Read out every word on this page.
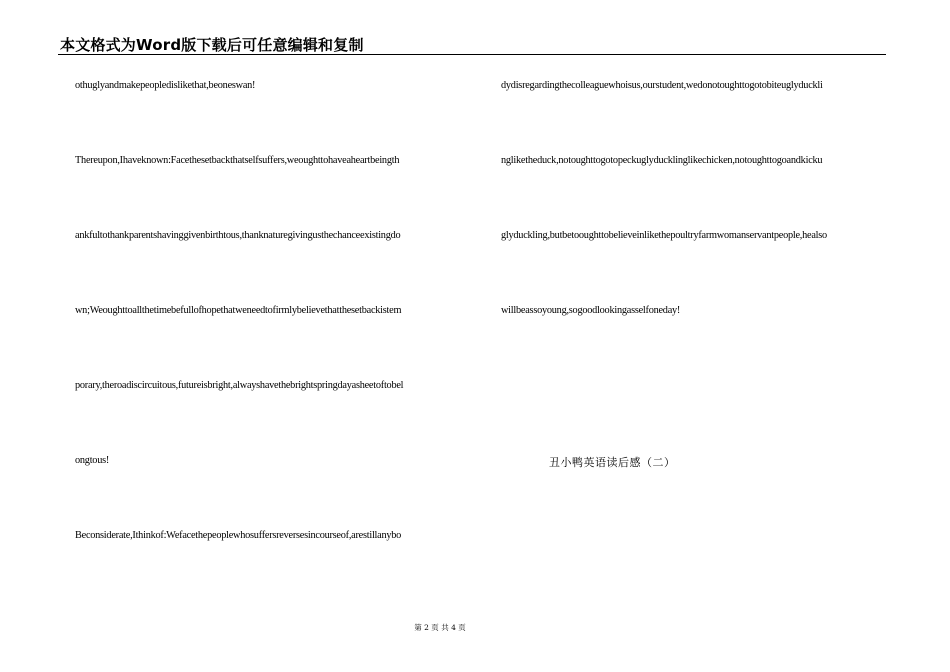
本文格式为Word版下载后可任意编辑和复制
othuglyandmakepeopledislikethat,beoneswan!
Thereupon,Ihaveknown:Facethesetbackthatselfsuffers,weoughttohaveaheartbeingth
ankfultothankparentshavinggivenbirthtous,thanknaturegivingusthechanceexistingdo
wn;Weoughttoallthetimebefullofhopethatweneedtofirmlybelievethatthesetbackistem
porary,theroadiscircuitous,futureisbright,alwayshavethebrightspringdayasheetoftobel
ongtous!
Beconsiderate,Ithinkof:Wefacethepeoplewhosuffersreversesincourseof,arestillanybo
dydisregardingthecolleaguewhoisus,ourstudent,wedonotoughttogotobiteuglyduckli
ngliketheduck,notoughttogotopeckuglyducklinglikechicken,notoughttogoandkicku
glyduckling,butbetooughttobelieveinlikethepoultryfarmwomanservantpeople,healso
willbeassoyoung,sogoodlookingasselfoneday!
丑小鸭英语读后感（二）
第 2 页 共 4 页
